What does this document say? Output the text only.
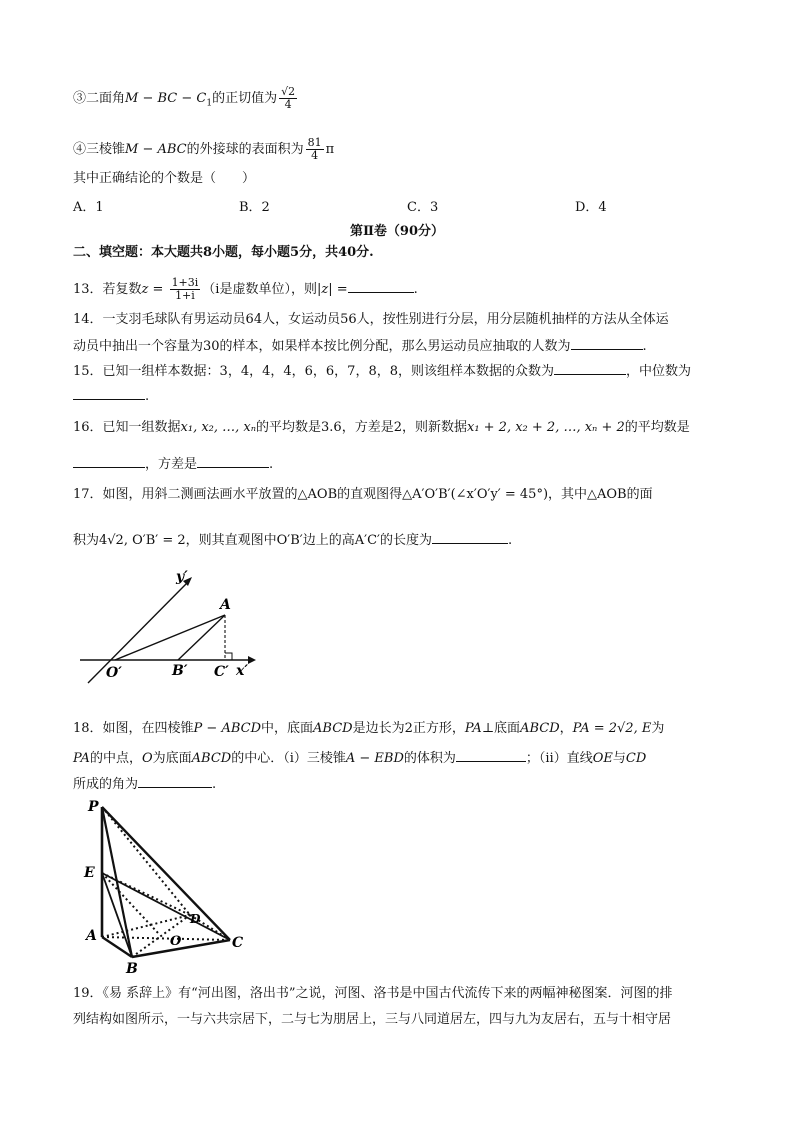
③二面角M − BC − $C_1$的正切值为 $\frac{√2}{4}$
④三棱锥M − ABC的外接球的表面积为 $\frac{81}{4}$ π
其中正确结论的个数是（　　）
A．1	B．2	C．3	D．4
第Ⅱ卷（90分）
二、填空题：本大题共8小题，每小题5分，共40分.
13．若复数$z = \frac{1+3i}{1+i} (i$是虚数单位），则|z| =	.
14．一支羽毛球队有男运动员64人，女运动员56人，按性别进行分层，用分层随机抽样的方法从全体运
动员中抽出一个容量为30的样本，如果样本按比例分配，那么男运动员应抽取的人数为	.
15．已知一组样本数据：3，4，4，4，6，6，7，8，8，则该组样本数据的众数为	，中位数为
.
16．已知一组数据x₁, x₂, …, xₙ的平均数是3.6，方差是2，则新数据x₁ + 2, x₂ + 2, …, xₙ + 2的平均数是
，方差是	.
17．如图，用斜二测画法画水平放置的△AOB的直观图得△A′O′B′(∠x′O′y′ = 45°)，其中△AOB的面
积为4√2, O′B′ = 2，则其直观图中O′B′边上的高A′C′的长度为	.
y′
A
O′	B′ C′ x′
18．如图，在四棱锥P − ABCD中，底面ABCD是边长为2正方形，PA⊥底面ABCD，PA = 2√2, E为
PA的中点，O为底面ABCD的中心．（ⅰ）三棱锥A − EBD的体积为	；（ⅱ）直线OE与CD
所成的角为	.
P
E
A
B
C
D
O
19．《易 系辞上》有“河出图，洛出书”之说，河图、洛书是中国古代流传下来的两幅神秘图案．河图的排
列结构如图所示，一与六共宗居下，二与七为朋居上，三与八同道居左，四与九为友居右，五与十相守居
